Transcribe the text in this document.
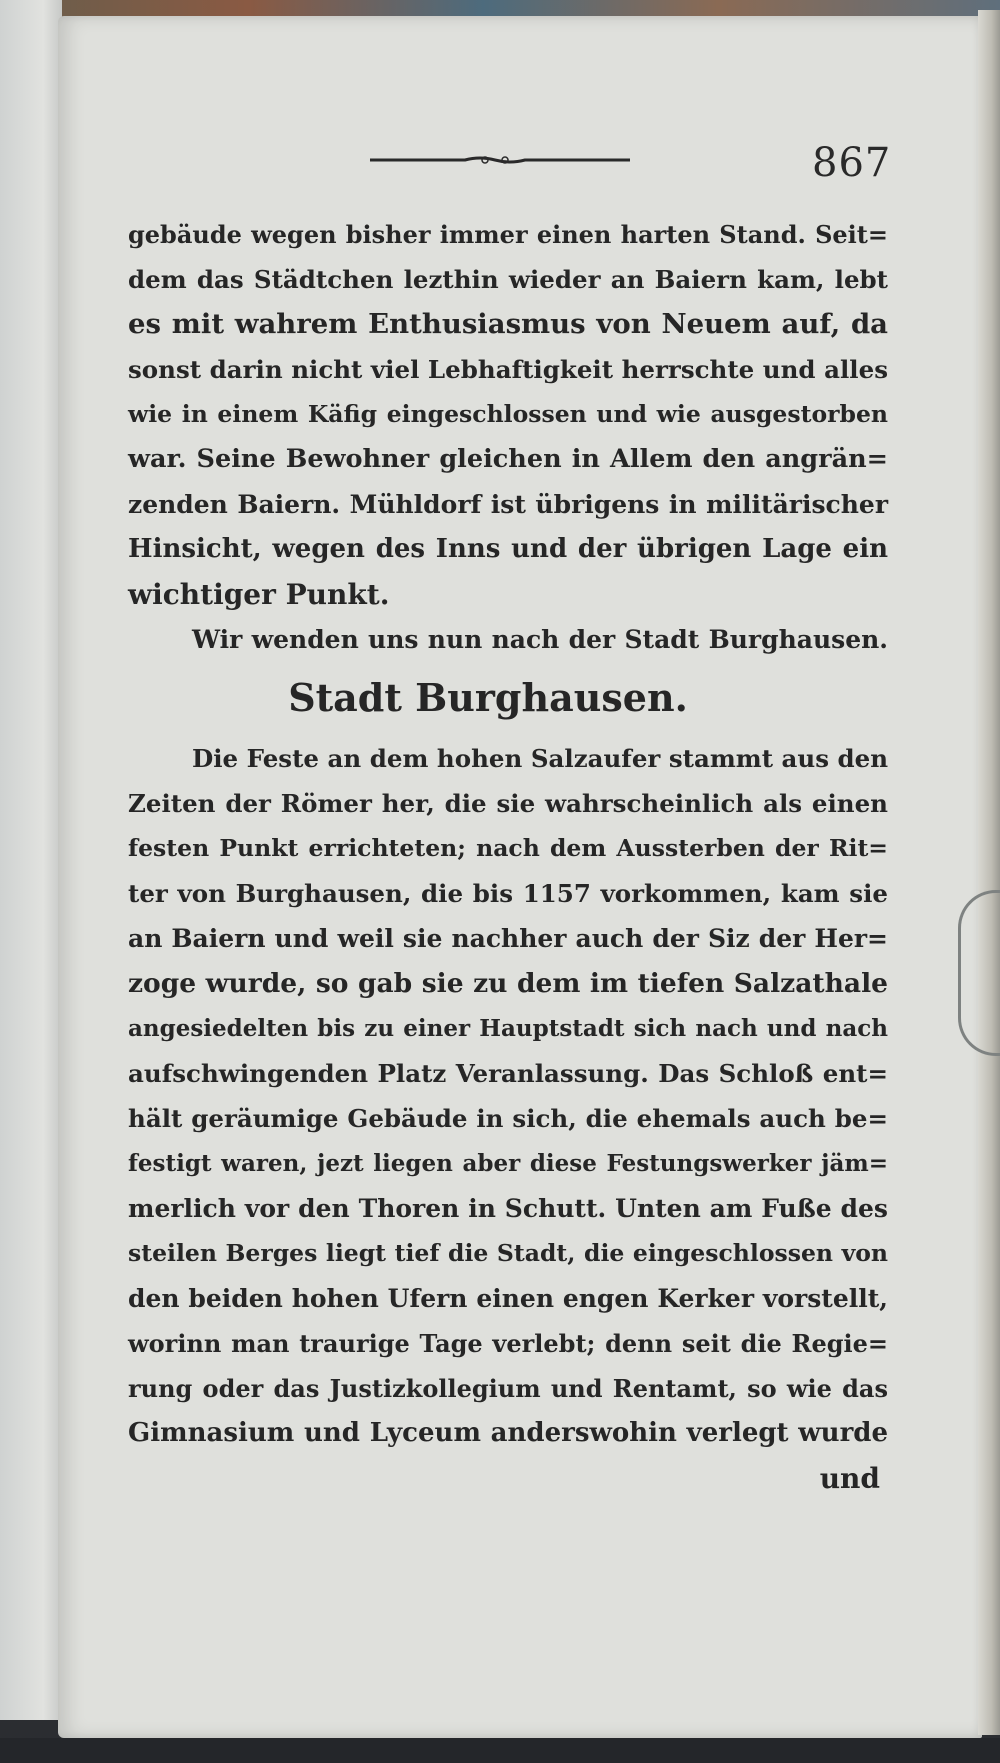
867
gebäude wegen bisher immer einen harten Stand. Seit=
dem das Städtchen lezthin wieder an Baiern kam, lebt
es mit wahrem Enthusiasmus von Neuem auf, da
sonst darin nicht viel Lebhaftigkeit herrschte und alles
wie in einem Käfig eingeschlossen und wie ausgestorben
war. Seine Bewohner gleichen in Allem den angrän=
zenden Baiern. Mühldorf ist übrigens in militärischer
Hinsicht, wegen des Inns und der übrigen Lage ein
wichtiger Punkt.
Wir wenden uns nun nach der Stadt Burghausen.
Stadt Burghausen.
Die Feste an dem hohen Salzaufer stammt aus den
Zeiten der Römer her, die sie wahrscheinlich als einen
festen Punkt errichteten; nach dem Aussterben der Rit=
ter von Burghausen, die bis 1157 vorkommen, kam sie
an Baiern und weil sie nachher auch der Siz der Her=
zoge wurde, so gab sie zu dem im tiefen Salzathale
angesiedelten bis zu einer Hauptstadt sich nach und nach
aufschwingenden Platz Veranlassung. Das Schloß ent=
hält geräumige Gebäude in sich, die ehemals auch be=
festigt waren, jezt liegen aber diese Festungswerker jäm=
merlich vor den Thoren in Schutt. Unten am Fuße des
steilen Berges liegt tief die Stadt, die eingeschlossen von
den beiden hohen Ufern einen engen Kerker vorstellt,
worinn man traurige Tage verlebt; denn seit die Regie=
rung oder das Justizkollegium und Rentamt, so wie das
Gimnasium und Lyceum anderswohin verlegt wurde
und
